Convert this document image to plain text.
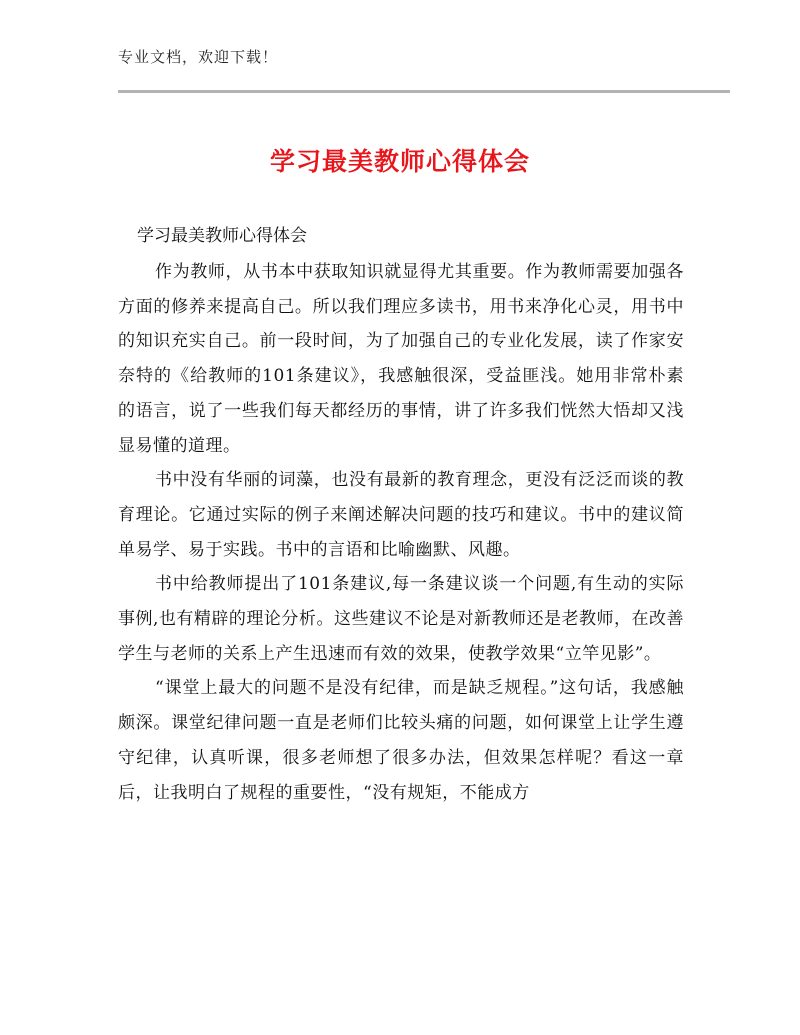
专业文档，欢迎下载！
学习最美教师心得体会
学习最美教师心得体会

作为教师，从书本中获取知识就显得尤其重要。作为教师需要加强各方面的修养来提高自己。所以我们理应多读书，用书来净化心灵，用书中的知识充实自己。前一段时间，为了加强自己的专业化发展，读了作家安奈特的《给教师的101条建议》，我感触很深，受益匪浅。她用非常朴素的语言，说了一些我们每天都经历的事情，讲了许多我们恍然大悟却又浅显易懂的道理。

书中没有华丽的词藻，也没有最新的教育理念，更没有泛泛而谈的教育理论。它通过实际的例子来阐述解决问题的技巧和建议。书中的建议简单易学、易于实践。书中的言语和比喻幽默、风趣。

书中给教师提出了101条建议,每一条建议谈一个问题,有生动的实际事例,也有精辟的理论分析。这些建议不论是对新教师还是老教师，在改善学生与老师的关系上产生迅速而有效的效果，使教学效果“立竿见影”。

“课堂上最大的问题不是没有纪律，而是缺乏规程。”这句话，我感触颇深。课堂纪律问题一直是老师们比较头痛的问题，如何课堂上让学生遵守纪律，认真听课，很多老师想了很多办法，但效果怎样呢？看这一章后，让我明白了规程的重要性，“没有规矩，不能成方
